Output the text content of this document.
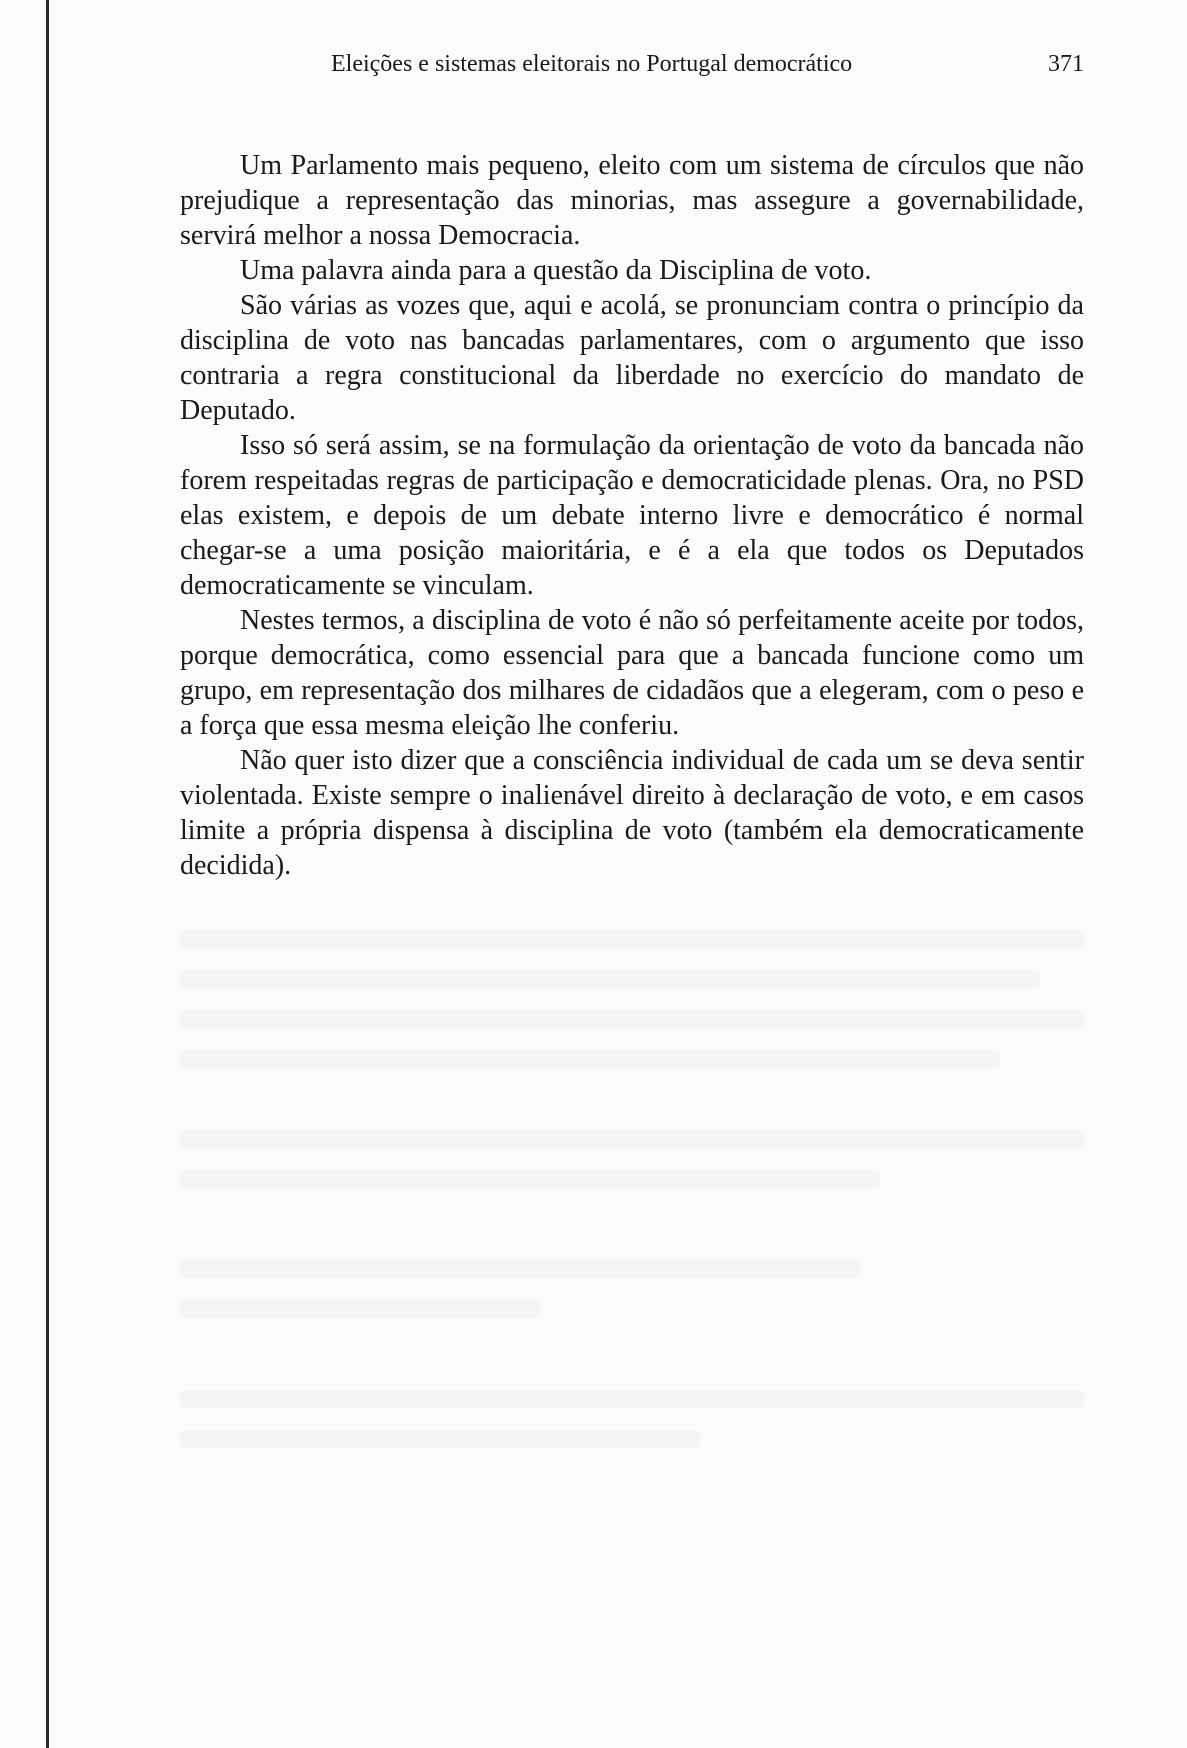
Eleições e sistemas eleitorais no Portugal democrático	371

Um Parlamento mais pequeno, eleito com um sistema de círculos que não prejudique a representação das minorias, mas assegure a governabilidade, servirá melhor a nossa Democracia.

Uma palavra ainda para a questão da Disciplina de voto.

São várias as vozes que, aqui e acolá, se pronunciam contra o princípio da disciplina de voto nas bancadas parlamentares, com o argumento que isso contraria a regra constitucional da liberdade no exercício do mandato de Deputado.

Isso só será assim, se na formulação da orientação de voto da bancada não forem respeitadas regras de participação e democraticidade plenas. Ora, no PSD elas existem, e depois de um debate interno livre e democrático é normal chegar-se a uma posição maioritária, e é a ela que todos os Deputados democraticamente se vinculam.

Nestes termos, a disciplina de voto é não só perfeitamente aceite por todos, porque democrática, como essencial para que a bancada funcione como um grupo, em representação dos milhares de cidadãos que a elegeram, com o peso e a força que essa mesma eleição lhe conferiu.

Não quer isto dizer que a consciência individual de cada um se deva sentir violentada. Existe sempre o inalienável direito à declaração de voto, e em casos limite a própria dispensa à disciplina de voto (também ela democraticamente decidida).
